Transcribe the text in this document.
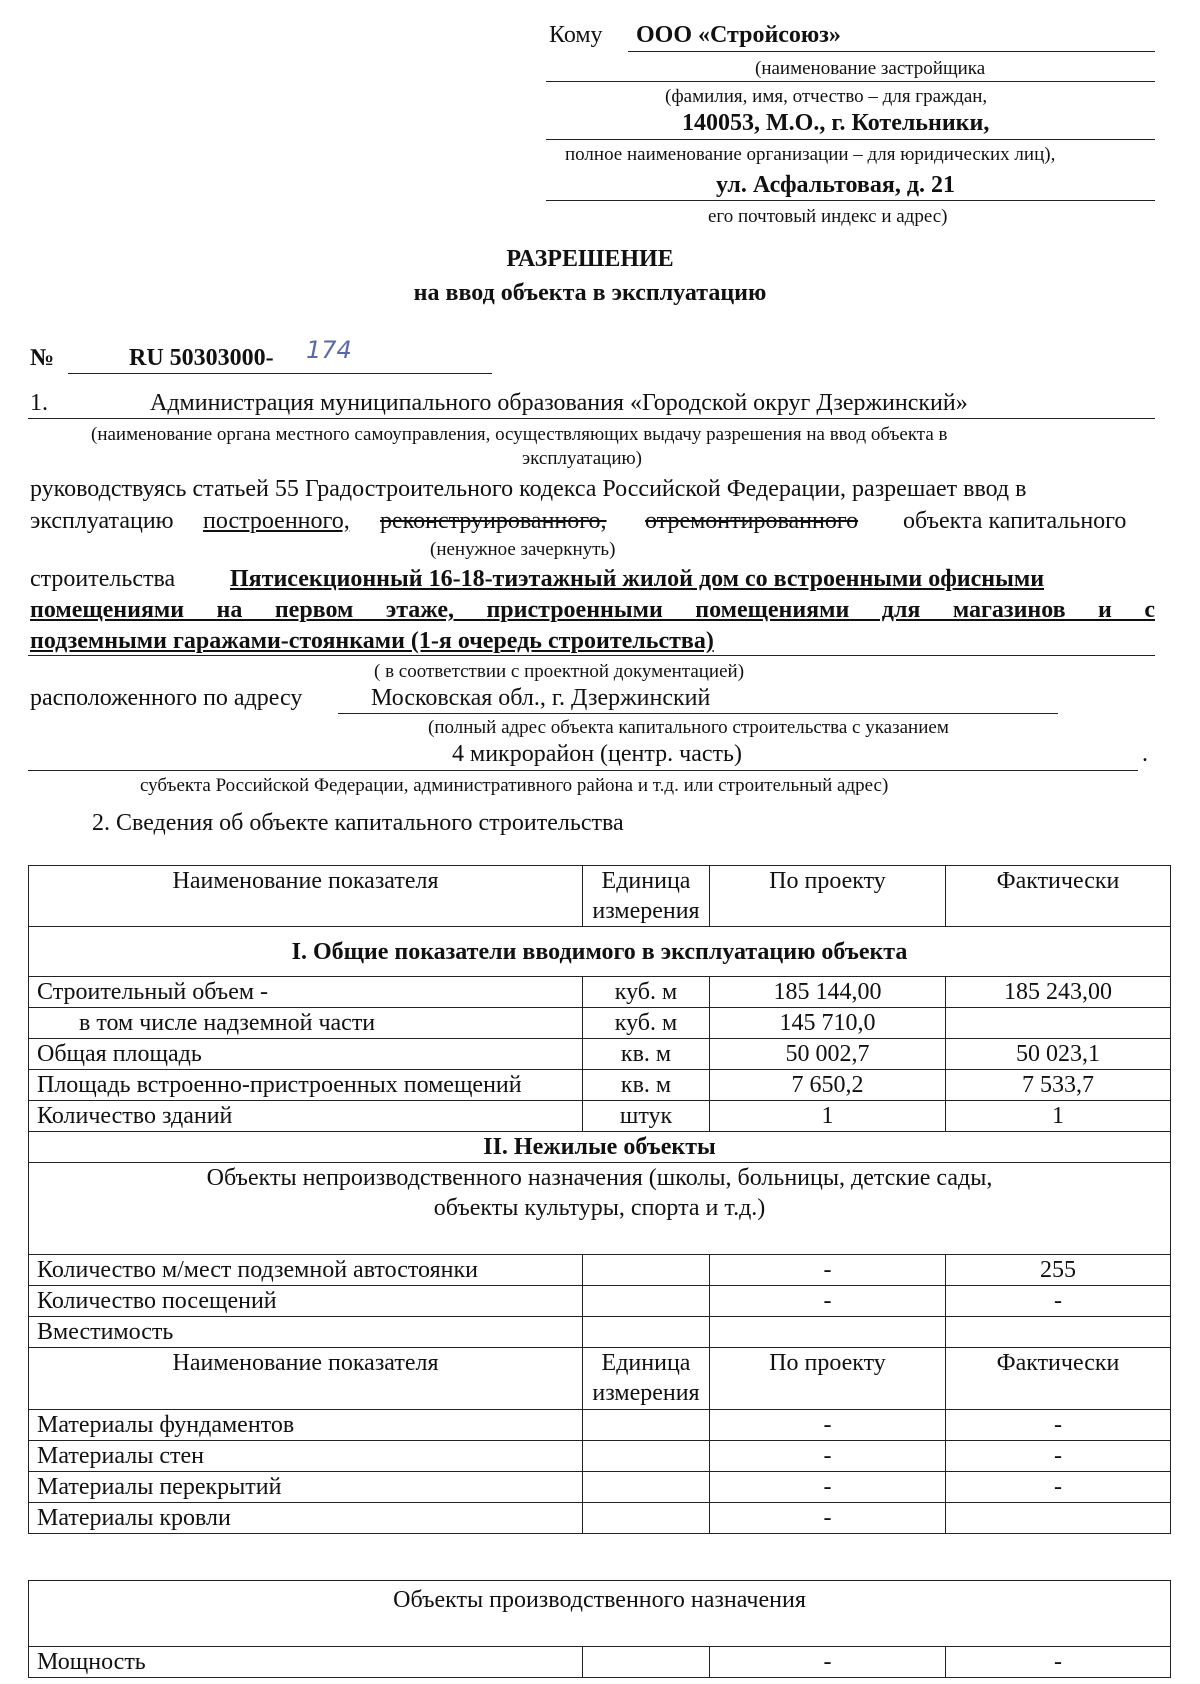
Кому ООО «Стройсоюз»
(наименование застройщика
(фамилия, имя, отчество – для граждан,
140053, М.О., г. Котельники,
полное наименование организации – для юридических лиц),
ул. Асфальтовая, д. 21
его почтовый индекс и адрес)
РАЗРЕШЕНИЕ
на ввод объекта в эксплуатацию
№	RU 50303000- 174
1.	Администрация муниципального образования «Городской округ Дзержинский»
(наименование органа местного самоуправления, осуществляющих выдачу разрешения на ввод объекта в
эксплуатацию)
руководствуясь статьей 55 Градостроительного кодекса Российской Федерации, разрешает ввод в
эксплуатацию построенного, реконструированного, отремонтированного объекта капитального
(ненужное зачеркнуть)
строительства Пятисекционный 16-18-тиэтажный жилой дом со встроенными офисными
помещениями на первом этаже, пристроенными помещениями для магазинов и с
подземными гаражами-стоянками (1-я очередь строительства)
( в соответствии с проектной документацией)
расположенного по адресу	Московская обл., г. Дзержинский
(полный адрес объекта капитального строительства с указанием
4 микрорайон (центр. часть)	.
субъекта Российской Федерации, административного района и т.д. или строительный адрес)
2. Сведения об объекте капитального строительства
Наименование показателя	Единица
измерения	По проекту	Фактически
I. Общие показатели вводимого в эксплуатацию объекта			
Строительный объем -	куб. м	185 144,00	185 243,00
в том числе надземной части	куб. м	145 710,0	
Общая площадь	кв. м	50 002,7	50 023,1
Площадь встроенно-пристроенных помещений	кв. м	7 650,2	7 533,7
Количество зданий	штук	1	1
II. Нежилые объекты			
Объекты непроизводственного назначения (школы, больницы, детские сады,
объекты культуры, спорта и т.д.)			
Количество м/мест подземной автостоянки		-	255
Количество посещений		-	-
Вместимость			
Наименование показателя	Единица
измерения	По проекту	Фактически
Материалы фундаментов		-	-
Материалы стен		-	-
Материалы перекрытий		-	-
Материалы кровли		-	
Объекты производственного назначения
Мощность		-	-
